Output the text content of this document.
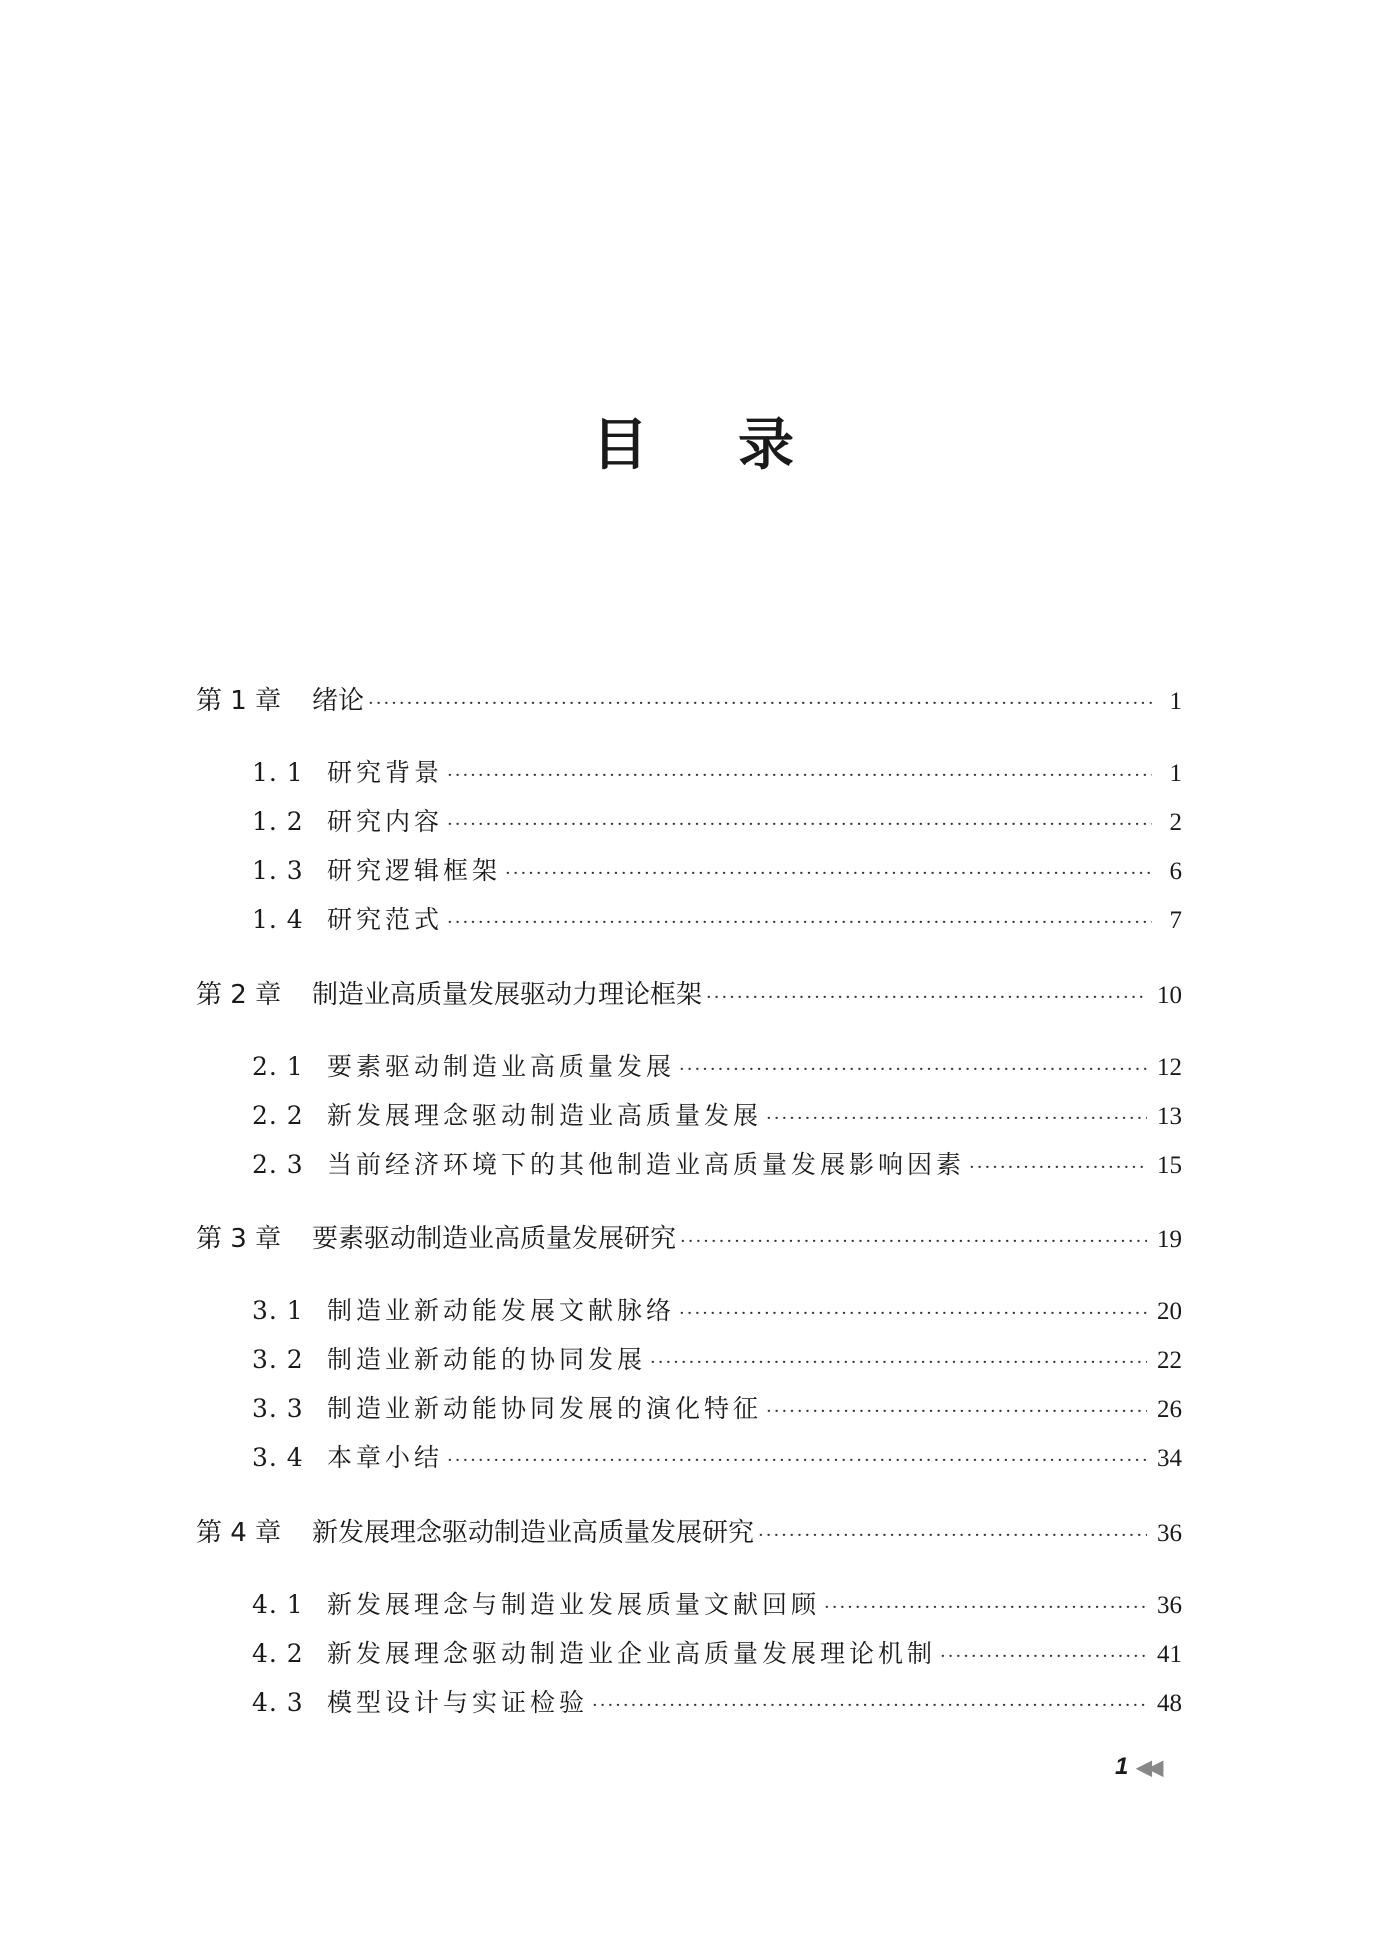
目 录
第 1 章	绪论 ·····	1
1. 1 研究背景 ·····	1
1. 2 研究内容 ·····	2
1. 3 研究逻辑框架 ·····	6
1. 4 研究范式 ·····	7
第 2 章	制造业高质量发展驱动力理论框架 ·····	10
2. 1 要素驱动制造业高质量发展 ·····	12
2. 2 新发展理念驱动制造业高质量发展 ·····	13
2. 3 当前经济环境下的其他制造业高质量发展影响因素 ·····	15
第 3 章	要素驱动制造业高质量发展研究 ·····	19
3. 1 制造业新动能发展文献脉络 ·····	20
3. 2 制造业新动能的协同发展 ·····	22
3. 3 制造业新动能协同发展的演化特征 ·····	26
3. 4 本章小结 ·····	34
第 4 章	新发展理念驱动制造业高质量发展研究 ·····	36
4. 1 新发展理念与制造业发展质量文献回顾 ·····	36
4. 2 新发展理念驱动制造业企业高质量发展理论机制 ·····	41
4. 3 模型设计与实证检验 ·····	48
1 ◀◀
